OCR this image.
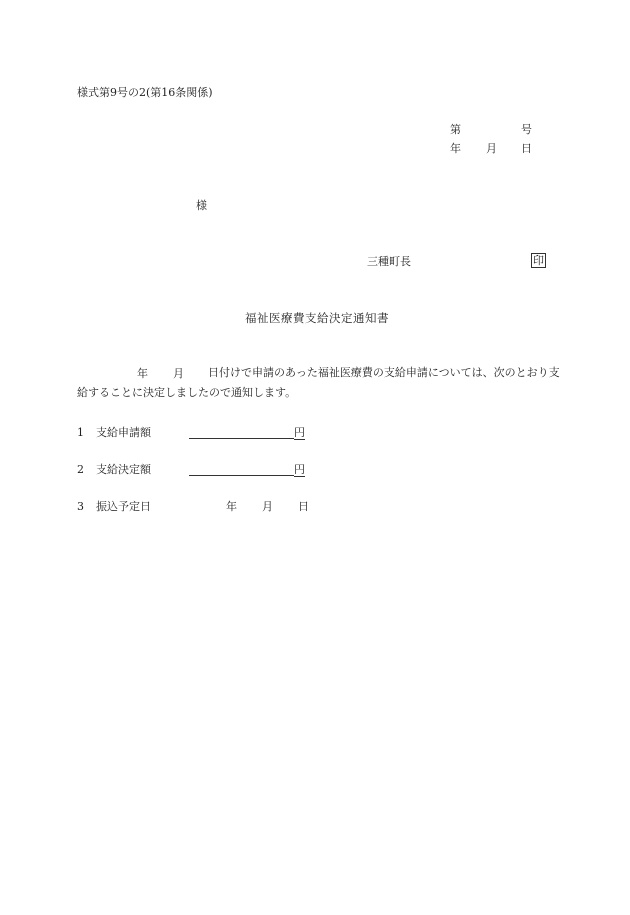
様式第9号の2(第16条関係)
第	号
年 月 日
様
三種町長	印
福祉医療費支給決定通知書
年 月	日付けで申請のあった福祉医療費の支給申請については、次のとおり支給することに決定しましたので通知します。
1 支給申請額	円
2 支給決定額	円
3 振込予定日	年 月 日
